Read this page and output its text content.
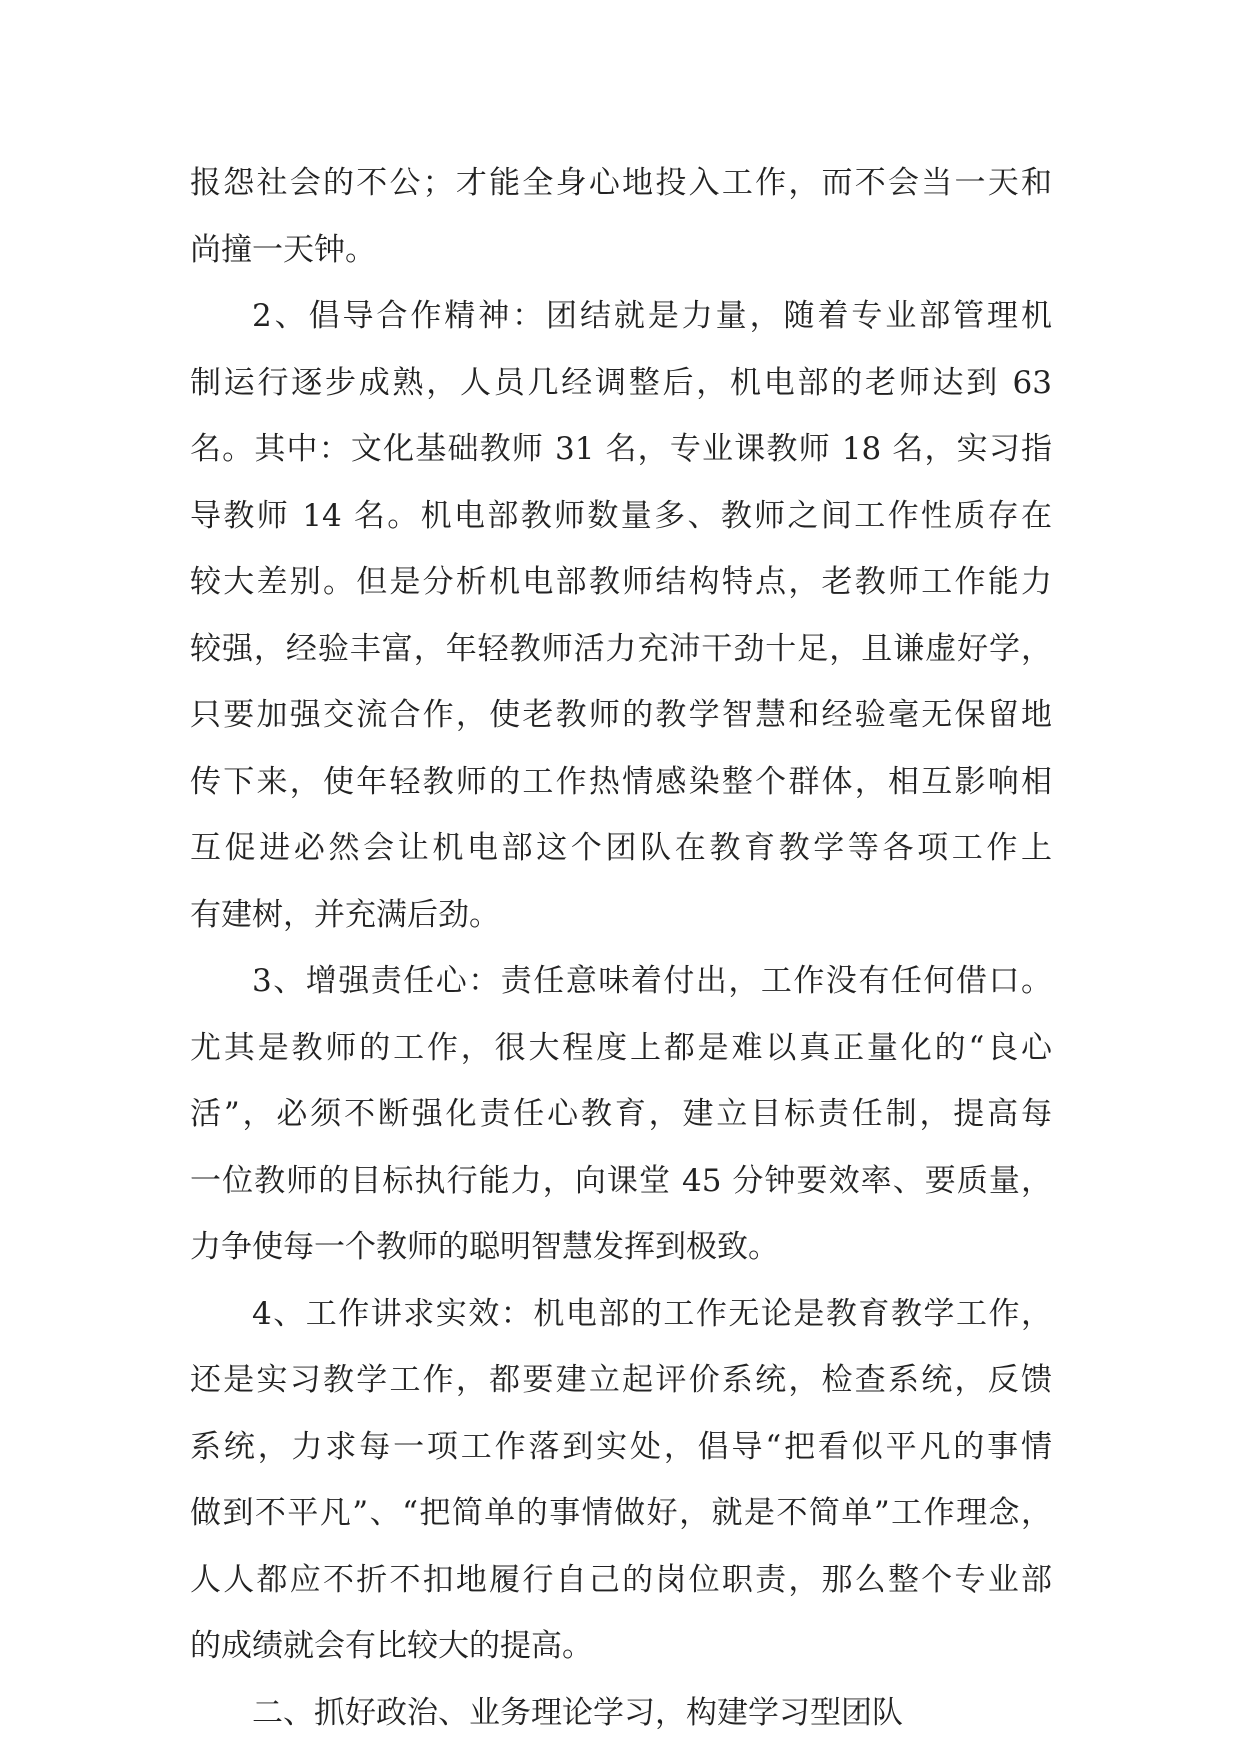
报怨社会的不公；才能全身心地投入工作，而不会当一天和
尚撞一天钟。
2、倡导合作精神：团结就是力量，随着专业部管理机
制运行逐步成熟，人员几经调整后，机电部的老师达到 63
名。其中：文化基础教师 31 名，专业课教师 18 名，实习指
导教师 14 名。机电部教师数量多、教师之间工作性质存在
较大差别。但是分析机电部教师结构特点，老教师工作能力
较强，经验丰富，年轻教师活力充沛干劲十足，且谦虚好学，
只要加强交流合作，使老教师的教学智慧和经验毫无保留地
传下来，使年轻教师的工作热情感染整个群体，相互影响相
互促进必然会让机电部这个团队在教育教学等各项工作上
有建树，并充满后劲。
3、增强责任心：责任意味着付出，工作没有任何借口。
尤其是教师的工作，很大程度上都是难以真正量化的“良心
活”，必须不断强化责任心教育，建立目标责任制，提高每
一位教师的目标执行能力，向课堂 45 分钟要效率、要质量，
力争使每一个教师的聪明智慧发挥到极致。
4、工作讲求实效：机电部的工作无论是教育教学工作，
还是实习教学工作，都要建立起评价系统，检查系统，反馈
系统，力求每一项工作落到实处，倡导“把看似平凡的事情
做到不平凡”、“把简单的事情做好，就是不简单”工作理念，
人人都应不折不扣地履行自己的岗位职责，那么整个专业部
的成绩就会有比较大的提高。
二、抓好政治、业务理论学习，构建学习型团队
